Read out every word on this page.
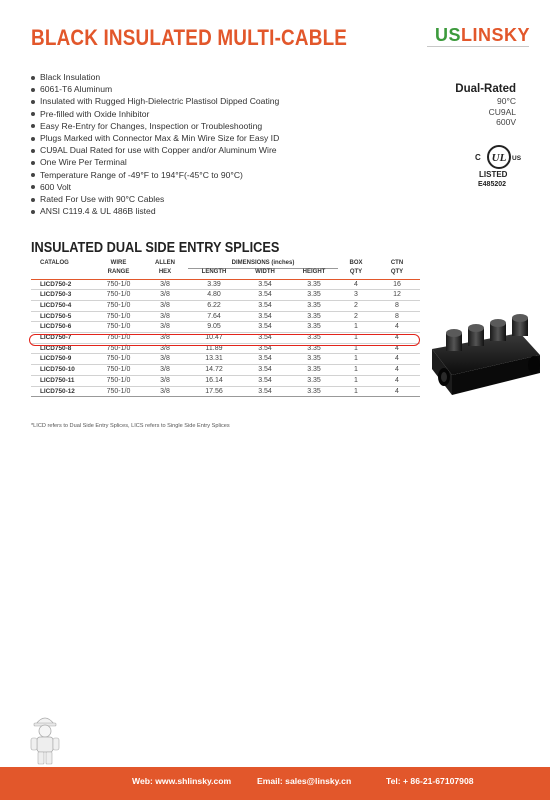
BLACK INSULATED MULTI-CABLE	USLINSKY
Black Insulation
6061-T6 Aluminum
Insulated with Rugged High-Dielectric Plastisol Dipped Coating
Pre-filled with Oxide Inhibitor
Easy Re-Entry for Changes, Inspection or Troubleshooting
Plugs Marked with Connector Max & Min Wire Size for Easy ID
CU9AL Dual Rated for use with Copper and/or Aluminum Wire
One Wire Per Terminal
Temperature Range of -49°F to 194°F(-45°C to 90°C)
600 Volt
Rated For Use with 90°C Cables
ANSI C119.4 & UL 486B listed
Dual-Rated
90°C
CU9AL
600V
C UL US
LISTED
E485202
INSULATED DUAL SIDE ENTRY SPLICES
CATALOG	WIRE	ALLEN	DIMENSIONS (inches)			BOX	CTN
	RANGE	HEX	LENGTH	WIDTH	HEIGHT	QTY	QTY
LICD750-2	750-1/0	3/8	3.39	3.54	3.35	4	16
LICD750-3	750-1/0	3/8	4.80	3.54	3.35	3	12
LICD750-4	750-1/0	3/8	6.22	3.54	3.35	2	8
LICD750-5	750-1/0	3/8	7.64	3.54	3.35	2	8
LICD750-6	750-1/0	3/8	9.05	3.54	3.35	1	4
LICD750-7	750-1/0	3/8	10.47	3.54	3.35	1	4
LICD750-8	750-1/0	3/8	11.89	3.54	3.35	1	4
LICD750-9	750-1/0	3/8	13.31	3.54	3.35	1	4
LICD750-10	750-1/0	3/8	14.72	3.54	3.35	1	4
LICD750-11	750-1/0	3/8	16.14	3.54	3.35	1	4
LICD750-12	750-1/0	3/8	17.56	3.54	3.35	1	4
*LICD refers to Dual Side Entry Splices, LICS refers to Single Side Entry Splices
Web: www.shlinsky.com	Email: sales@linsky.cn	Tel: + 86-21-67107908
